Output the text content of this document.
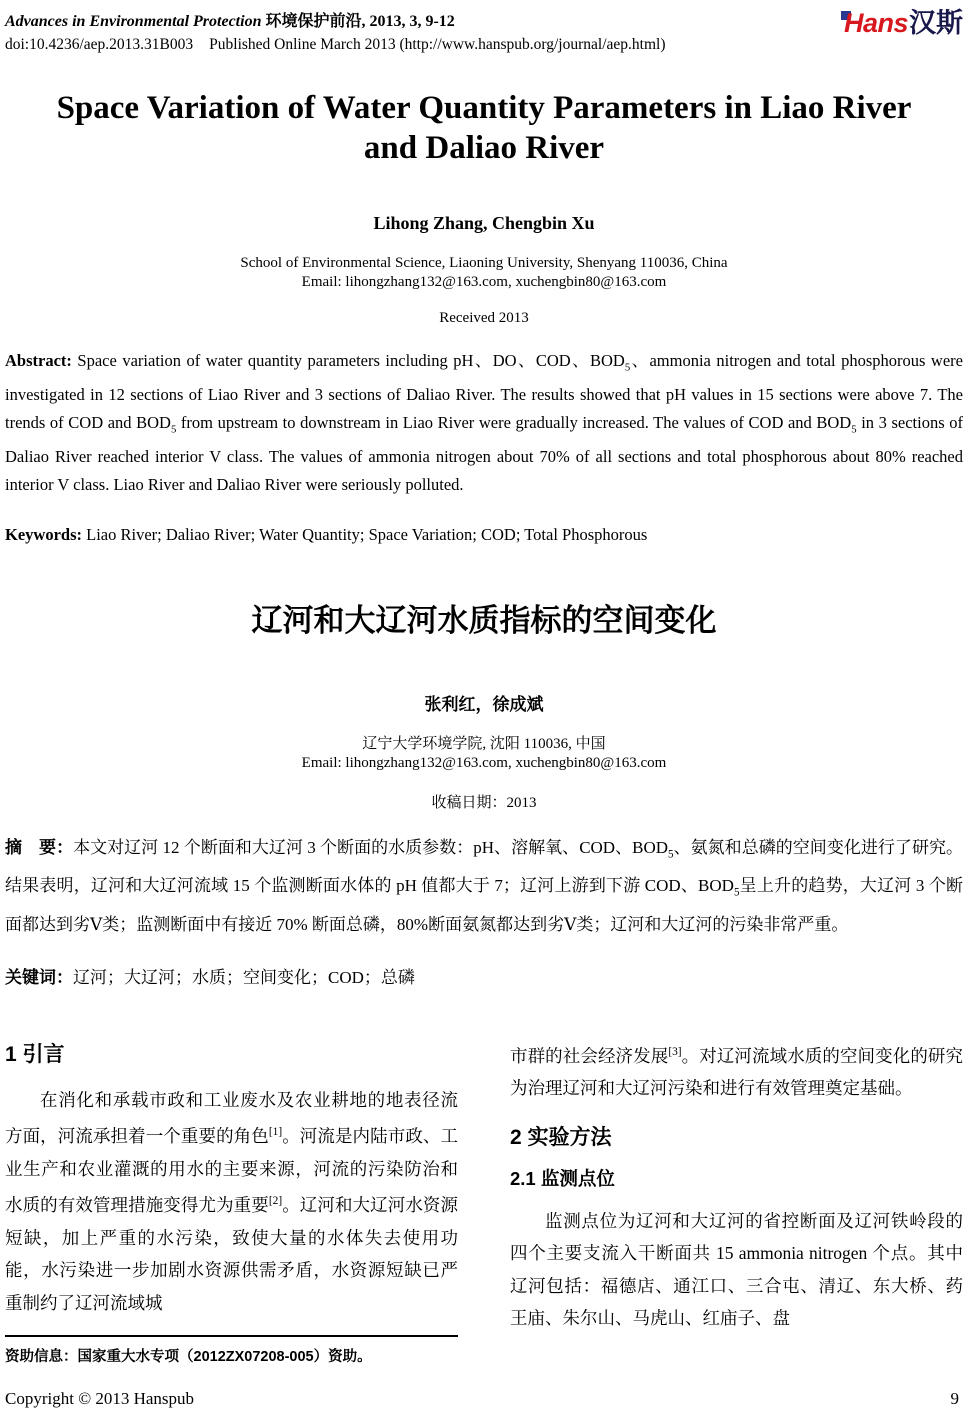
Advances in Environmental Protection 环境保护前沿, 2013, 3, 9-12
doi:10.4236/aep.2013.31B003 Published Online March 2013 (http://www.hanspub.org/journal/aep.html)
Hans汉斯
Space Variation of Water Quantity Parameters in Liao River and Daliao River

Lihong Zhang, Chengbin Xu

School of Environmental Science, Liaoning University, Shenyang 110036, China

Email: lihongzhang132@163.com, xuchengbin80@163.com

Received 2013

Abstract: Space variation of water quantity parameters including pH、DO、COD、$BOD_5$、ammonia nitrogen and total phosphorous were investigated in 12 sections of Liao River and 3 sections of Daliao River. The results showed that pH values in 15 sections were above 7. The trends of COD and $BOD_5$ from upstream to downstream in Liao River were gradually increased. The values of COD and $BOD_5$ in 3 sections of Daliao River reached interior V class. The values of ammonia nitrogen about 70% of all sections and total phosphorous about 80% reached interior V class. Liao River and Daliao River were seriously polluted.

Keywords: Liao River; Daliao River; Water Quantity; Space Variation; COD; Total Phosphorous

辽河和大辽河水质指标的空间变化

张利红，徐成斌

辽宁大学环境学院, 沈阳 110036, 中国

Email: lihongzhang132@163.com, xuchengbin80@163.com

收稿日期：2013

摘　要：本文对辽河 12 个断面和大辽河 3 个断面的水质参数：pH、溶解氧、COD、$BOD_5$、氨氮和总磷的空间变化进行了研究。结果表明，辽河和大辽河流域 15 个监测断面水体的 pH 值都大于 7；辽河上游到下游 COD、$BOD_5$呈上升的趋势，大辽河 3 个断面都达到劣Ⅴ类；监测断面中有接近 70% 断面总磷，80%断面氨氮都达到劣Ⅴ类；辽河和大辽河的污染非常严重。

关键词：辽河；大辽河；水质；空间变化；COD；总磷

1 引言

在消化和承载市政和工业废水及农业耕地的地表径流方面，河流承担着一个重要的角色[1]。河流是内陆市政、工业生产和农业灌溉的用水的主要来源，河流的污染防治和水质的有效管理措施变得尤为重要[2]。辽河和大辽河水资源短缺，加上严重的水污染，致使大量的水体失去使用功能，水污染进一步加剧水资源供需矛盾，水资源短缺已严重制约了辽河流域城

资助信息：国家重大水专项（2012ZX07208-005）资助。

市群的社会经济发展[3]。对辽河流域水质的空间变化的研究为治理辽河和大辽河污染和进行有效管理奠定基础。

2 实验方法
2.1 监测点位

监测点位为辽河和大辽河的省控断面及辽河铁岭段的四个主要支流入干断面共 15 ammonia nitrogen 个点。其中辽河包括：福德店、通江口、三合屯、清辽、东大桥、药王庙、朱尔山、马虎山、红庙子、盘

Copyright © 2013 Hanspub	9
